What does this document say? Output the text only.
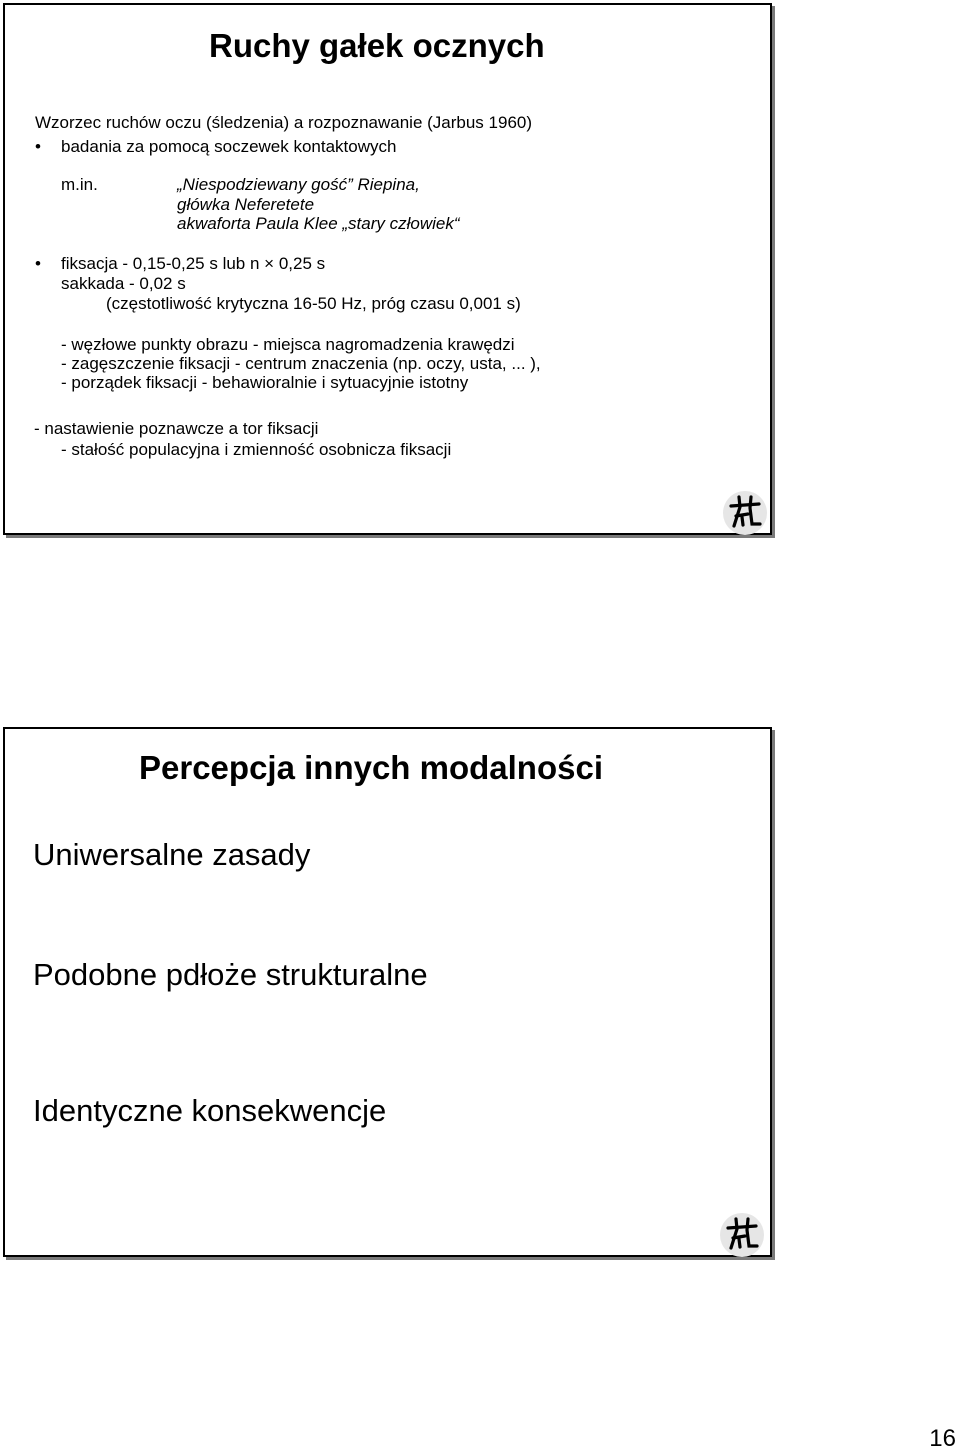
Ruchy gałek ocznych
Wzorzec ruchów oczu (śledzenia) a rozpoznawanie (Jarbus 1960)
• badania za pomocą soczewek kontaktowych
m.in.	„Niespodziewany gość” Riepina,
główka Neferetete
akwaforta Paula Klee „stary człowiek“
• fiksacja - 0,15-0,25 s lub n × 0,25 s
sakkada - 0,02 s
(częstotliwość krytyczna 16-50 Hz, próg czasu 0,001 s)
- węzłowe punkty obrazu - miejsca nagromadzenia krawędzi
- zagęszczenie fiksacji - centrum znaczenia (np. oczy, usta, ... ),
- porządek fiksacji - behawioralnie i sytuacyjnie istotny
- nastawienie poznawcze a tor fiksacji
- stałość populacyjna i zmienność osobnicza fiksacji
Percepcja innych modalności
Uniwersalne zasady
Podobne pdłoże strukturalne
Identyczne konsekwencje
16
